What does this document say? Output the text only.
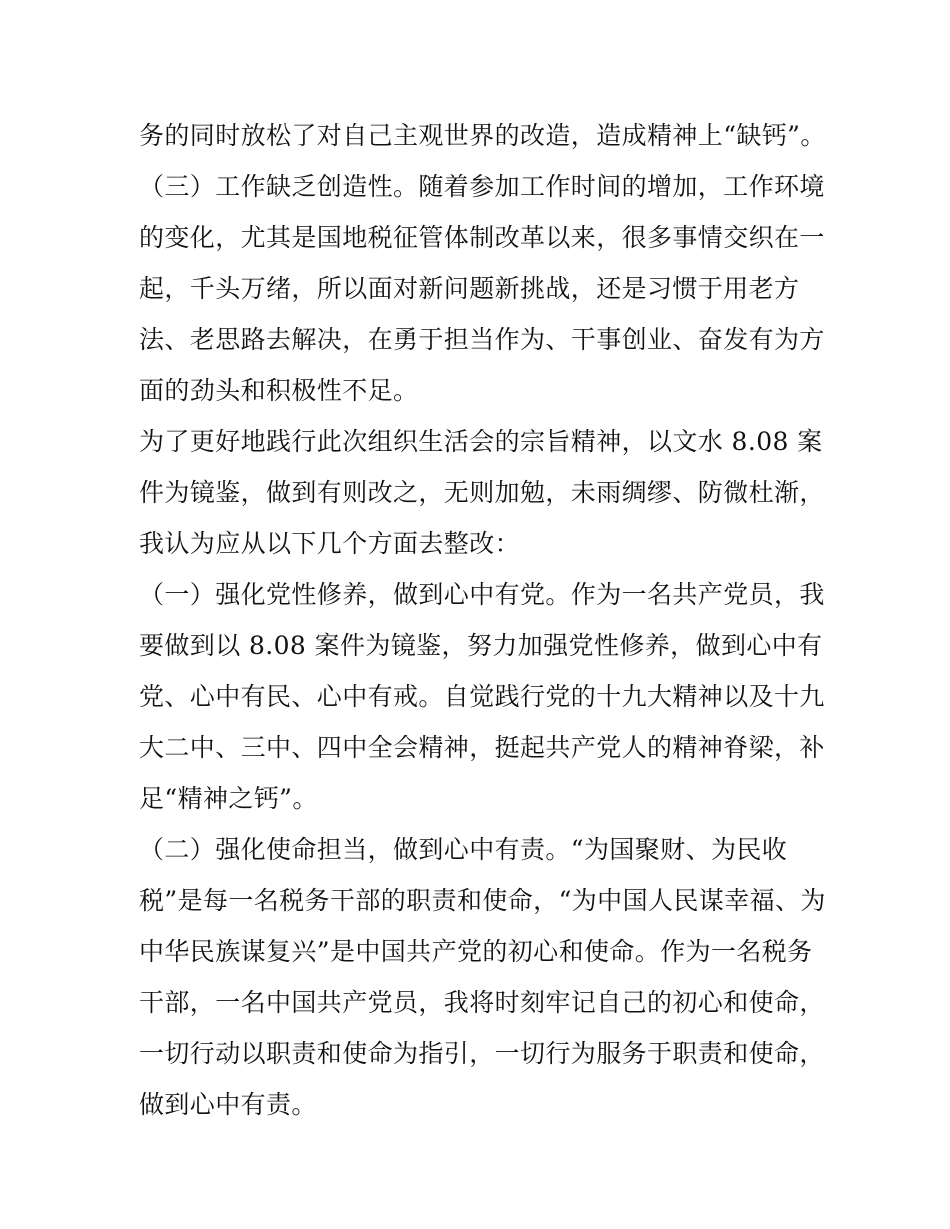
务的同时放松了对自己主观世界的改造，造成精神上“缺钙”。
（三）工作缺乏创造性。随着参加工作时间的增加，工作环境
的变化，尤其是国地税征管体制改革以来，很多事情交织在一
起，千头万绪，所以面对新问题新挑战，还是习惯于用老方
法、老思路去解决，在勇于担当作为、干事创业、奋发有为方
面的劲头和积极性不足。
为了更好地践行此次组织生活会的宗旨精神，以文水 8.08 案
件为镜鉴，做到有则改之，无则加勉，未雨绸缪、防微杜渐，
我认为应从以下几个方面去整改：
（一）强化党性修养，做到心中有党。作为一名共产党员，我
要做到以 8.08 案件为镜鉴，努力加强党性修养，做到心中有
党、心中有民、心中有戒。自觉践行党的十九大精神以及十九
大二中、三中、四中全会精神，挺起共产党人的精神脊梁，补
足“精神之钙”。
（二）强化使命担当，做到心中有责。“为国聚财、为民收
税”是每一名税务干部的职责和使命，“为中国人民谋幸福、为
中华民族谋复兴”是中国共产党的初心和使命。作为一名税务
干部，一名中国共产党员，我将时刻牢记自己的初心和使命，
一切行动以职责和使命为指引，一切行为服务于职责和使命，
做到心中有责。
